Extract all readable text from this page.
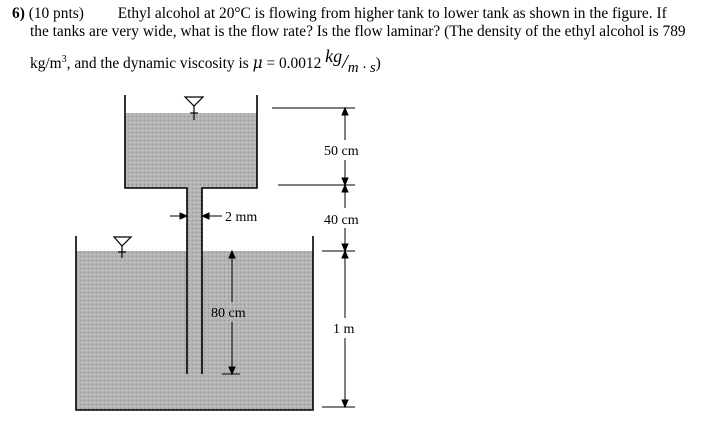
6) (10 pnts) Ethyl alcohol at 20°C is flowing from higher tank to lower tank as shown in the figure. If
the tanks are very wide, what is the flow rate? Is the flow laminar? (The density of the ethyl alcohol is 789
$kg/m^3$, and the dynamic viscosity is μ = 0.0012 kg/m · s)
50 cm
40 cm
1 m
2 mm
80 cm
